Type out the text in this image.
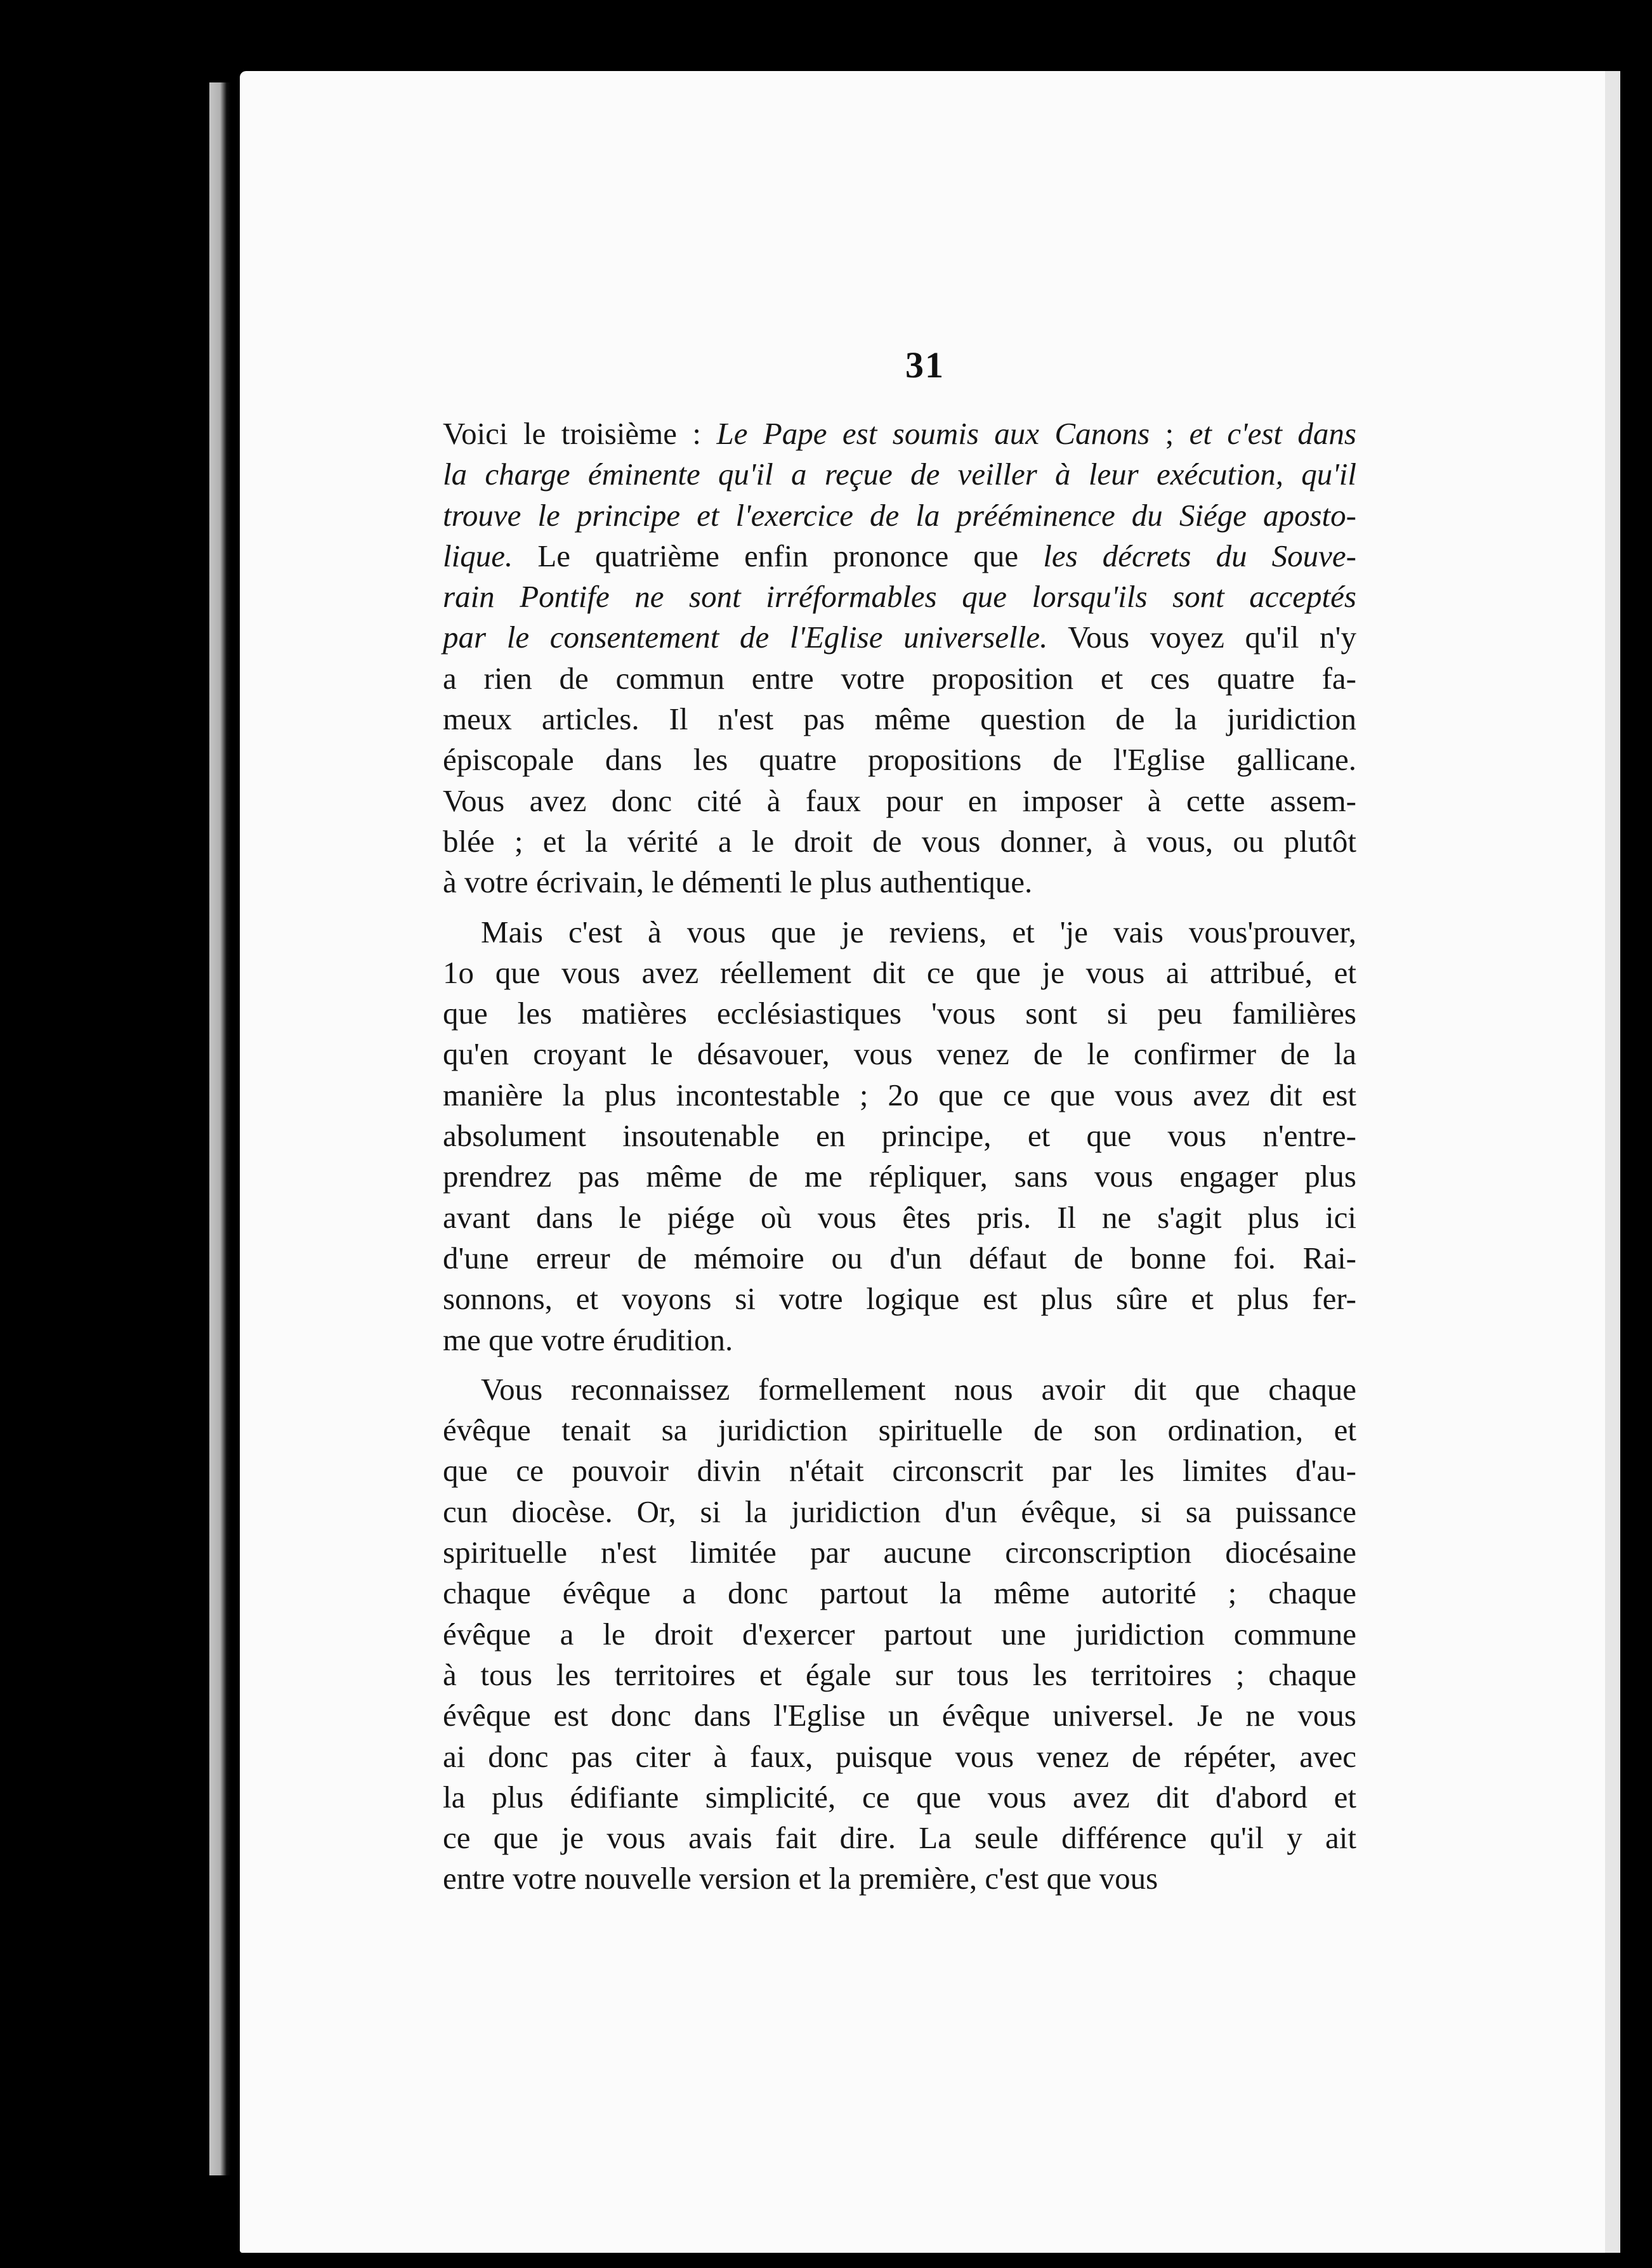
31
Voici le troisième : Le Pape est soumis aux Canons ; et c'est dans
la charge éminente qu'il a reçue de veiller à leur exécution, qu'il
trouve le principe et l'exercice de la prééminence du Siége aposto-
lique. Le quatrième enfin prononce que les décrets du Souve-
rain Pontife ne sont irréformables que lorsqu'ils sont acceptés
par le consentement de l'Eglise universelle. Vous voyez qu'il n'y
a rien de commun entre votre proposition et ces quatre fa-
meux articles. Il n'est pas même question de la juridiction
épiscopale dans les quatre propositions de l'Eglise gallicane.
Vous avez donc cité à faux pour en imposer à cette assem-
blée ; et la vérité a le droit de vous donner, à vous, ou plutôt
à votre écrivain, le démenti le plus authentique.
Mais c'est à vous que je reviens, et 'je vais vous'prouver,
1o que vous avez réellement dit ce que je vous ai attribué, et
que les matières ecclésiastiques 'vous sont si peu familières
qu'en croyant le désavouer, vous venez de le confirmer de la
manière la plus incontestable ; 2o que ce que vous avez dit est
absolument insoutenable en principe, et que vous n'entre-
prendrez pas même de me répliquer, sans vous engager plus
avant dans le piége où vous êtes pris. Il ne s'agit plus ici
d'une erreur de mémoire ou d'un défaut de bonne foi. Rai-
sonnons, et voyons si votre logique est plus sûre et plus fer-
me que votre érudition.
Vous reconnaissez formellement nous avoir dit que chaque
évêque tenait sa juridiction spirituelle de son ordination, et
que ce pouvoir divin n'était circonscrit par les limites d'au-
cun diocèse. Or, si la juridiction d'un évêque, si sa puissance
spirituelle n'est limitée par aucune circonscription diocésaine
chaque évêque a donc partout la même autorité ; chaque
évêque a le droit d'exercer partout une juridiction commune
à tous les territoires et égale sur tous les territoires ; chaque
évêque est donc dans l'Eglise un évêque universel. Je ne vous
ai donc pas citer à faux, puisque vous venez de répéter, avec
la plus édifiante simplicité, ce que vous avez dit d'abord et
ce que je vous avais fait dire. La seule différence qu'il y ait
entre votre nouvelle version et la première, c'est que vous
